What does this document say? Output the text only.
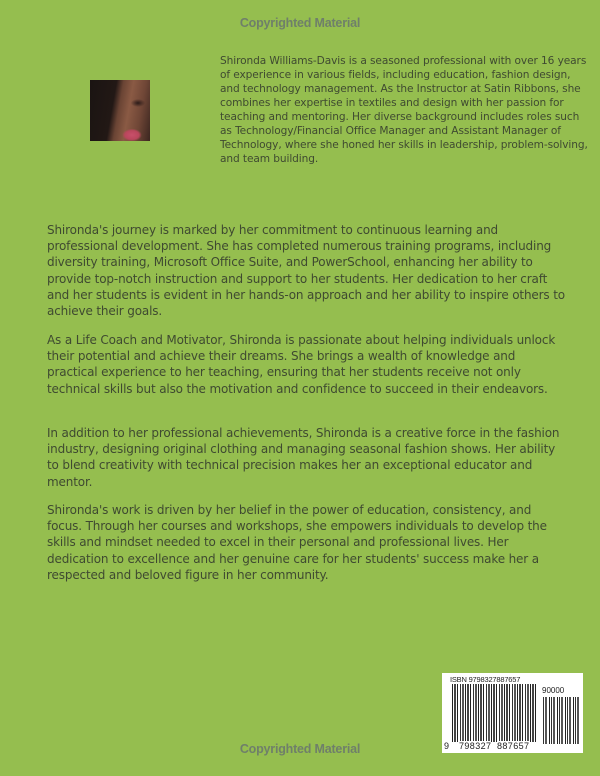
Copyrighted Material
Shironda Williams-Davis is a seasoned professional with over 16 years of experience in various fields, including education, fashion design, and technology management. As the Instructor at Satin Ribbons, she combines her expertise in textiles and design with her passion for teaching and mentoring. Her diverse background includes roles such as Technology/Financial Office Manager and Assistant Manager of Technology, where she honed her skills in leadership, problem-solving, and team building.
Shironda's journey is marked by her commitment to continuous learning and professional development. She has completed numerous training programs, including diversity training, Microsoft Office Suite, and PowerSchool, enhancing her ability to provide top-notch instruction and support to her students. Her dedication to her craft and her students is evident in her hands-on approach and her ability to inspire others to achieve their goals.
As a Life Coach and Motivator, Shironda is passionate about helping individuals unlock their potential and achieve their dreams. She brings a wealth of knowledge and practical experience to her teaching, ensuring that her students receive not only technical skills but also the motivation and confidence to succeed in their endeavors.
In addition to her professional achievements, Shironda is a creative force in the fashion industry, designing original clothing and managing seasonal fashion shows. Her ability to blend creativity with technical precision makes her an exceptional educator and mentor.
Shironda's work is driven by her belief in the power of education, consistency, and focus. Through her courses and workshops, she empowers individuals to develop the skills and mindset needed to excel in their personal and professional lives. Her dedication to excellence and her genuine care for her students' success make her a respected and beloved figure in her community.
ISBN 9798327887657
90000
9 798327 887657
Copyrighted Material
